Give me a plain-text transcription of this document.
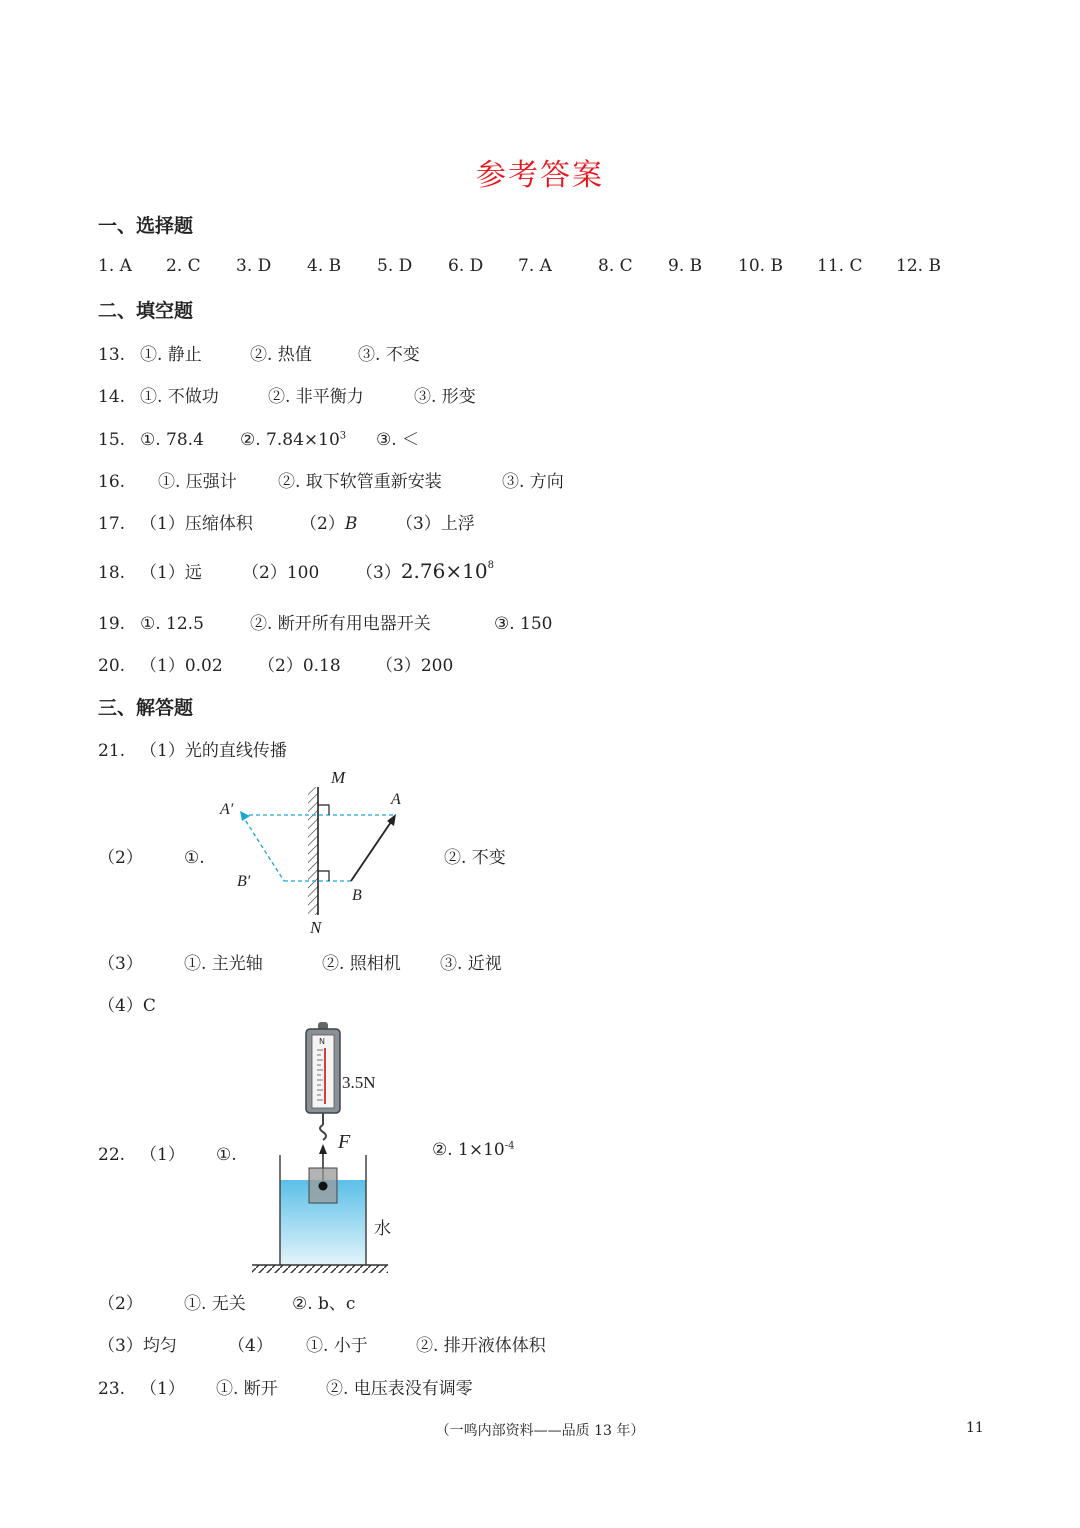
参考答案
一、选择题
1. A 2. C 3. D 4. B 5. D 6. D 7. A	8. C 9. B 10. B 11. C 12. B
二、填空题
13. ①. 静止	②. 热值	③. 不变
14. ①. 不做功	②. 非平衡力	③. 形变
15. ①. 78.4 ②. $7.84\times 10^3$ ③. ＜
16. ①. 压强计 ②. 取下软管重新安装	③. 方向
17. （1）压缩体积	（2）B （3）上浮
18. （1）远 （2）100 $(3)2.76\times 10^8$
19. ①. 12.5	②. 断开所有用电器开关	③. 150
20. （1）0.02 （2）0.18 （3）200
三、解答题
21. （1）光的直线传播
（2） ①.	②. 不变
M
N
A
B
A′
B′
（3） ①. 主光轴	②. 照相机 ③. 近视
（4）C
22. （1） ①.	②. $1\times 10^{-4}$
N
F
3.5N
水
（2） ①. 无关	②. b、c
（3）均匀	（4） ①. 小于	②. 排开液体体积
23. （1） ①. 断开	②. 电压表没有调零
（一鸣内部资料——品质 13 年）	11
